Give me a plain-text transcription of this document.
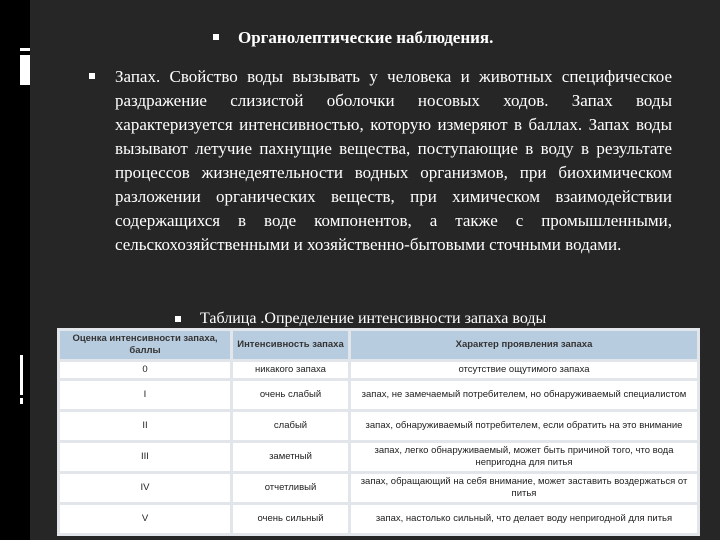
Органолептические наблюдения.
Запах. Свойство воды вызывать у человека и животных специфическое раздражение слизистой оболочки носовых ходов. Запах воды характеризуется интенсивностью, которую измеряют в баллах. Запах воды вызывают летучие пахнущие вещества, поступающие в воду в результате процессов жизнедеятельности водных организмов, при биохимическом разложении органических веществ, при химическом взаимодействии содержащихся в воде компонентов, а также с промышленными, сельскохозяйственными и хозяйственно-бытовыми сточными водами.
Таблица .Определение интенсивности запаха воды
Оценка интенсивности запаха, баллы	Интенсивность запаха	Характер проявления запаха
0	никакого запаха	отсутствие ощутимого запаха
I	очень слабый	запах, не замечаемый потребителем, но обнаруживаемый специалистом
II	слабый	запах, обнаруживаемый потребителем, если обратить на это внимание
III	заметный	запах, легко обнаруживаемый, может быть причиной того, что вода непригодна для питья
IV	отчетливый	запах, обращающий на себя внимание, может заставить воздержаться от питья
V	очень сильный	запах, настолько сильный, что делает воду непригодной для питья
